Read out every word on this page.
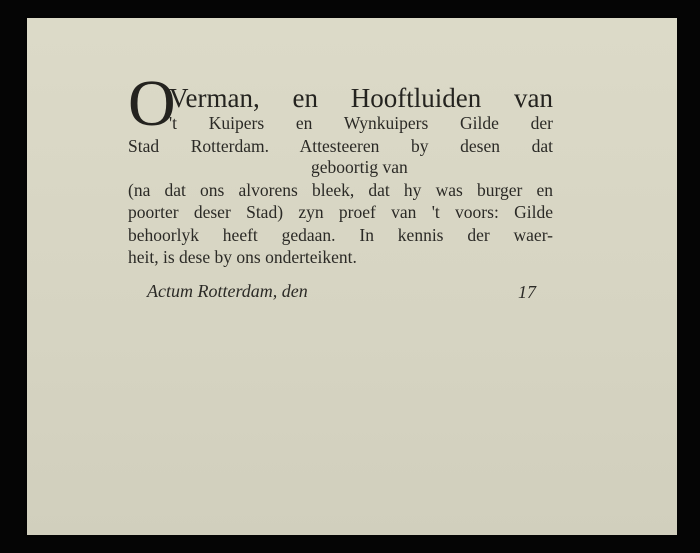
O
Verman, en Hooftluiden van
't Kuipers en Wynkuipers Gilde der
Stad Rotterdam. Attesteeren by desen dat
geboortig van
(na dat ons alvorens bleek, dat hy was burger en
poorter deser Stad) zyn proef van 't voors: Gilde
behoorlyk heeft gedaan. In kennis der waer-
heit, is dese by ons onderteikent.
Actum Rotterdam, den	17
